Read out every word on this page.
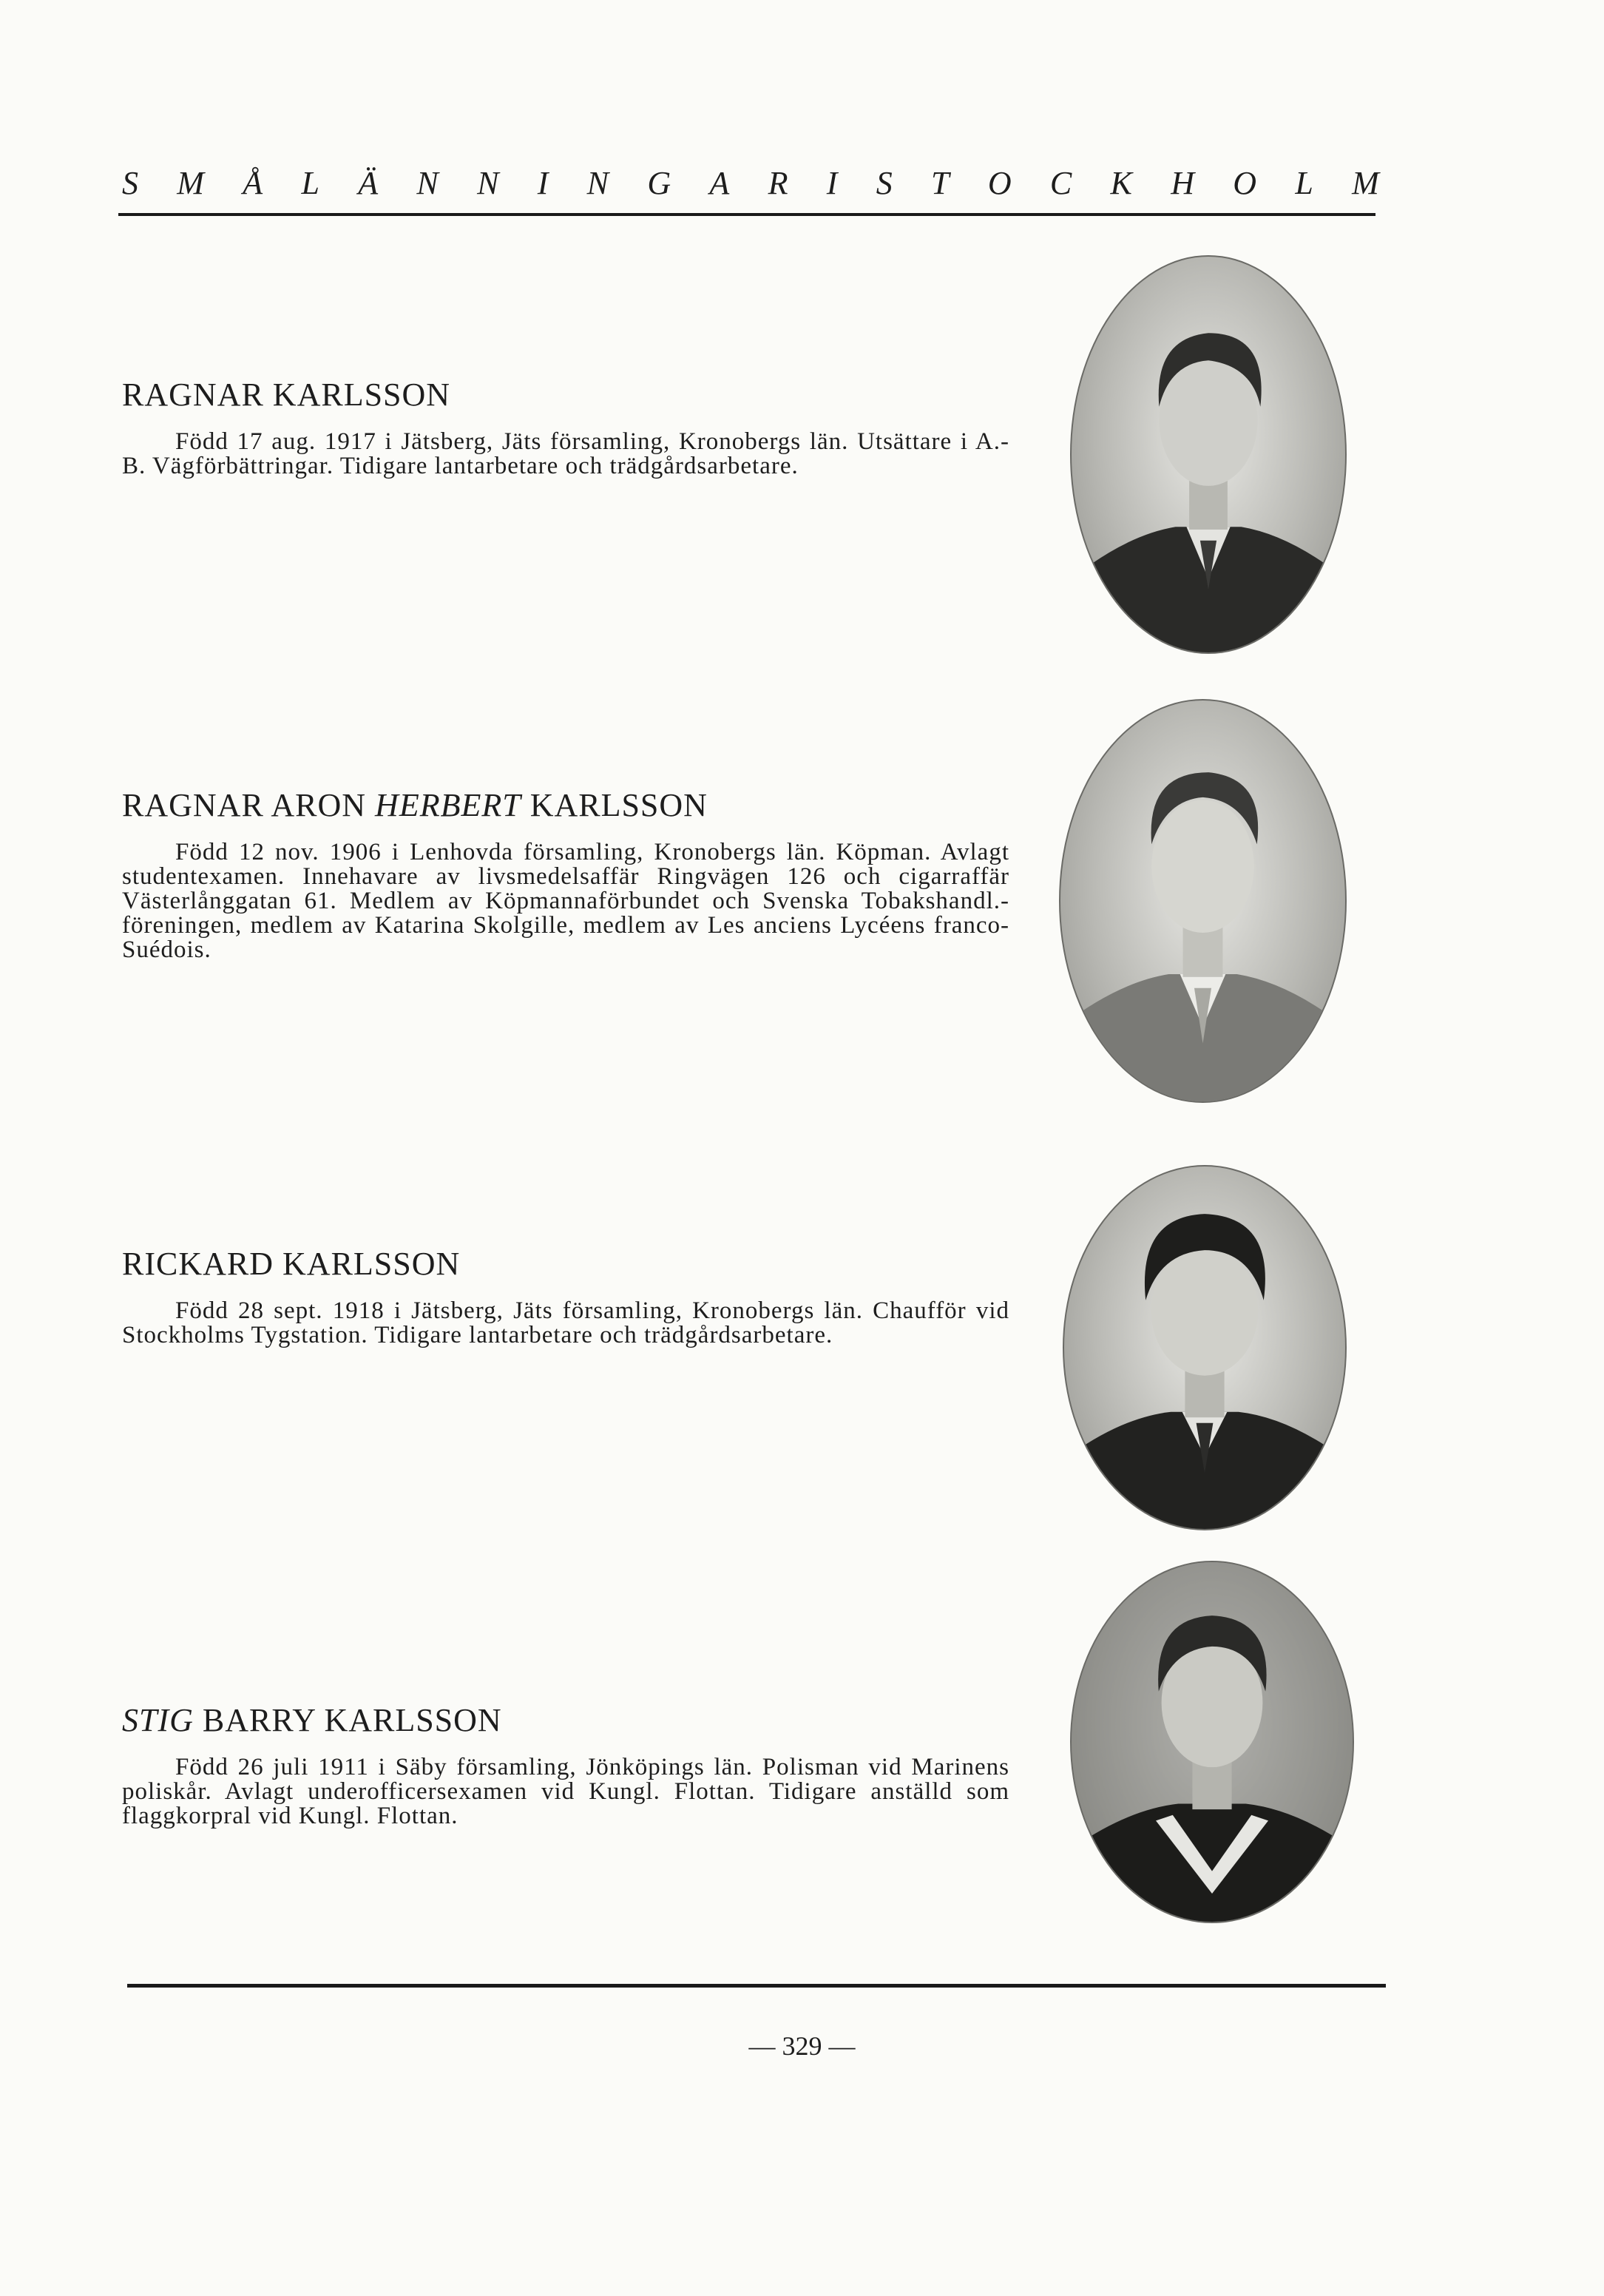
S M Å L Ä N N I N G A R I S T O C K H O L M
RAGNAR KARLSSON

Född 17 aug. 1917 i Jätsberg, Jäts församling, Kronobergs län. Utsättare i A.-B. Vägförbättringar. Tidigare lantarbetare och trädgårdsarbetare.

RAGNAR ARON HERBERT KARLSSON

Född 12 nov. 1906 i Lenhovda församling, Kronobergs län. Köpman. Avlagt studentexamen. Innehavare av livsmedelsaffär Ringvägen 126 och cigarraffär Västerlånggatan 61. Medlem av Köpmannaförbundet och Svenska Tobakshandl.-föreningen, medlem av Katarina Skolgille, medlem av Les anciens Lycéens franco-Suédois.

RICKARD KARLSSON

Född 28 sept. 1918 i Jätsberg, Jäts församling, Kronobergs län. Chaufför vid Stockholms Tygstation. Tidigare lantarbetare och trädgårdsarbetare.

STIG BARRY KARLSSON

Född 26 juli 1911 i Säby församling, Jönköpings län. Polisman vid Marinens poliskår. Avlagt underofficersexamen vid Kungl. Flottan. Tidigare anställd som flaggkorpral vid Kungl. Flottan.

— 329 —
